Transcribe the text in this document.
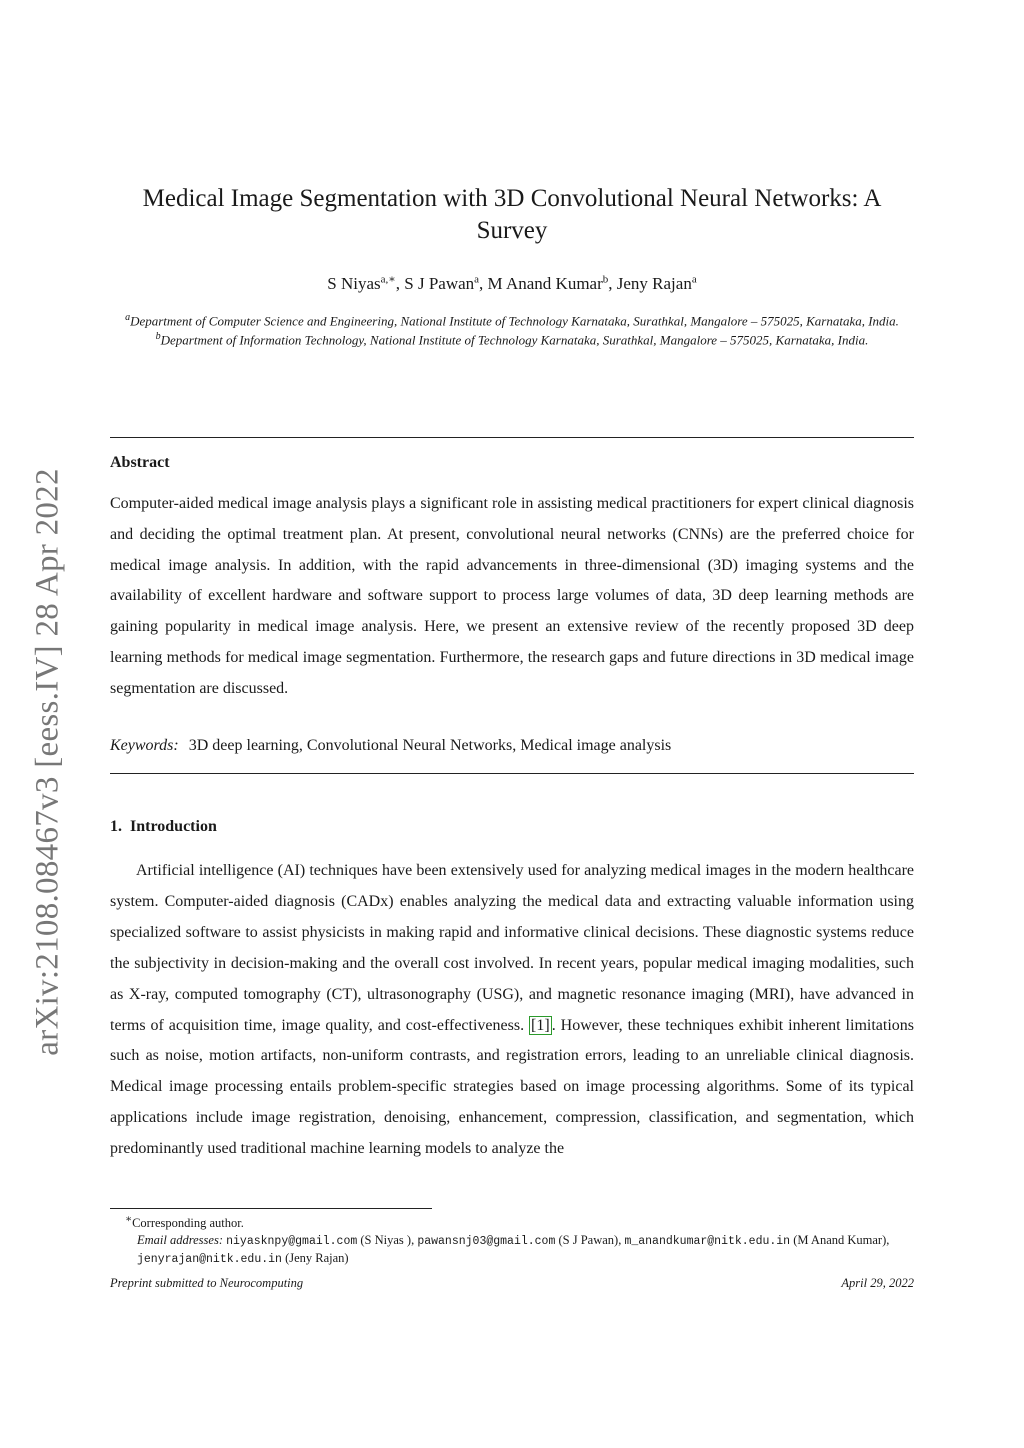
arXiv:2108.08467v3 [eess.IV] 28 Apr 2022
Medical Image Segmentation with 3D Convolutional Neural Networks: A Survey
S Niyas$^{a,∗}$, S J Pawan$^a$, M Anand Kumar$^b$, Jeny Rajan$^a$

$^a$Department of Computer Science and Engineering, National Institute of Technology Karnataka, Surathkal, Mangalore – 575025, Karnataka, India.

$^b$Department of Information Technology, National Institute of Technology Karnataka, Surathkal, Mangalore – 575025, Karnataka, India.

Abstract

Computer-aided medical image analysis plays a significant role in assisting medical practitioners for expert clinical diagnosis and deciding the optimal treatment plan. At present, convolutional neural networks (CNNs) are the preferred choice for medical image analysis. In addition, with the rapid advancements in three-dimensional (3D) imaging systems and the availability of excellent hardware and software support to process large volumes of data, 3D deep learning methods are gaining popularity in medical image analysis. Here, we present an extensive review of the recently proposed 3D deep learning methods for medical image segmentation. Furthermore, the research gaps and future directions in 3D medical image segmentation are discussed.

Keywords: 3D deep learning, Convolutional Neural Networks, Medical image analysis
1. Introduction

Artificial intelligence (AI) techniques have been extensively used for analyzing medical images in the modern healthcare system. Computer-aided diagnosis (CADx) enables analyzing the medical data and extracting valuable information using specialized software to assist physicists in making rapid and informative clinical decisions. These diagnostic systems reduce the subjectivity in decision-making and the overall cost involved. In recent years, popular medical imaging modalities, such as X-ray, computed tomography (CT), ultrasonography (USG), and magnetic resonance imaging (MRI), have advanced in terms of acquisition time, image quality, and cost-effectiveness. [1] . However, these techniques exhibit inherent limitations such as noise, motion artifacts, non-uniform contrasts, and registration errors, leading to an unreliable clinical diagnosis. Medical image processing entails problem-specific strategies based on image processing algorithms. Some of its typical applications include image registration, denoising, enhancement, compression, classification, and segmentation, which predominantly used traditional machine learning models to analyze the

∗Corresponding author.
Email addresses: niyasknpy@gmail.com (S Niyas ), pawansnj03@gmail.com (S J Pawan), m_anandkumar@nitk.edu.in (M Anand Kumar), jenyrajan@nitk.edu.in (Jeny Rajan)
Preprint submitted to Neurocomputing	April 29, 2022
